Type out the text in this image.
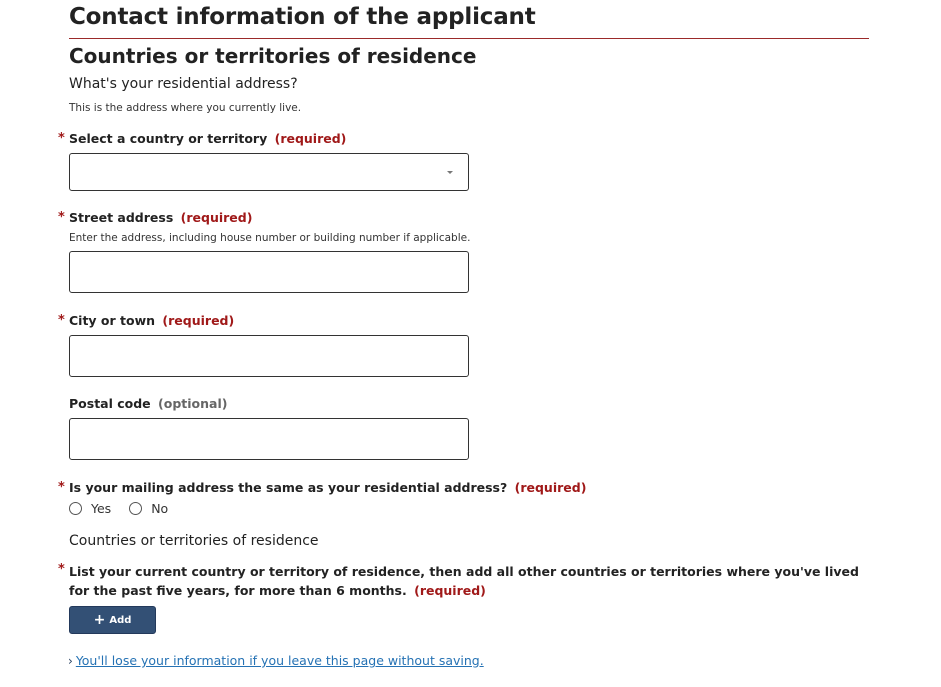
Contact information of the applicant
Countries or territories of residence
What's your residential address?
This is the address where you currently live.
* Select a country or territory (required)
* Street address (required)
Enter the address, including house number or building number if applicable.
* City or town (required)
Postal code (optional)
* Is your mailing address the same as your residential address? (required)
Yes	No
Countries or territories of residence
* List your current country or territory of residence, then add all other countries or territories where you've lived for the past five years, for more than 6 months. (required)
+ Add
› You'll lose your information if you leave this page without saving.
